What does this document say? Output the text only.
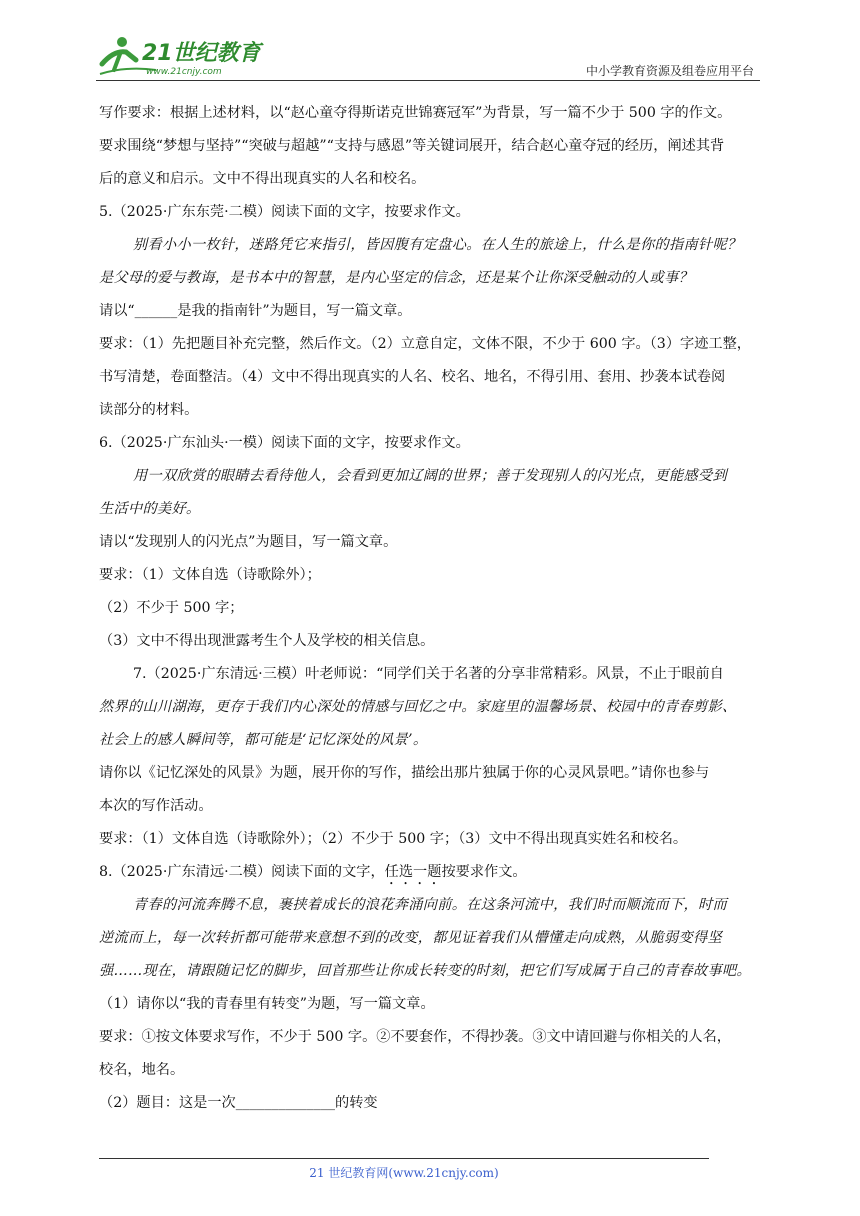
21世纪教育
www.21cnjy.com	中小学教育资源及组卷应用平台

写作要求：根据上述材料，以“赵心童夺得斯诺克世锦赛冠军”为背景，写一篇不少于 500 字的作文。

要求围绕“梦想与坚持”“突破与超越”“支持与感恩”等关键词展开，结合赵心童夺冠的经历，阐述其背

后的意义和启示。文中不得出现真实的人名和校名。

5.（2025·广东东莞·二模）阅读下面的文字，按要求作文。

别看小小一枚针，迷路凭它来指引，皆因腹有定盘心。在人生的旅途上，什么是你的指南针呢？

是父母的爱与教诲，是书本中的智慧，是内心坚定的信念，还是某个让你深受触动的人或事？

请以“______是我的指南针”为题目，写一篇文章。

要求：（1）先把题目补充完整，然后作文。（2）立意自定，文体不限，不少于 600 字。（3）字迹工整，

书写清楚，卷面整洁。（4）文中不得出现真实的人名、校名、地名，不得引用、套用、抄袭本试卷阅

读部分的材料。

6.（2025·广东汕头·一模）阅读下面的文字，按要求作文。

用一双欣赏的眼睛去看待他人，会看到更加辽阔的世界；善于发现别人的闪光点，更能感受到

生活中的美好。

请以“发现别人的闪光点”为题目，写一篇文章。

要求：（1）文体自选（诗歌除外）；

（2）不少于 500 字；

（3）文中不得出现泄露考生个人及学校的相关信息。

7.（2025·广东清远·三模）叶老师说：“同学们关于名著的分享非常精彩。风景，不止于眼前自

然界的山川湖海，更存于我们内心深处的情感与回忆之中。家庭里的温馨场景、校园中的青春剪影、

社会上的感人瞬间等，都可能是‘记忆深处的风景’。

请你以《记忆深处的风景》为题，展开你的写作，描绘出那片独属于你的心灵风景吧。”请你也参与

本次的写作活动。

要求：（1）文体自选（诗歌除外）；（2）不少于 500 字；（3）文中不得出现真实姓名和校名。

8.（2025·广东清远·二模）阅读下面的文字，任选一题按要求作文。

青春的河流奔腾不息，裹挟着成长的浪花奔涌向前。在这条河流中，我们时而顺流而下，时而

逆流而上，每一次转折都可能带来意想不到的改变，都见证着我们从懵懂走向成熟，从脆弱变得坚

强……现在，请跟随记忆的脚步，回首那些让你成长转变的时刻，把它们写成属于自己的青春故事吧。

（1）请你以“我的青春里有转变”为题，写一篇文章。

要求：①按文体要求写作，不少于 500 字。②不要套作，不得抄袭。③文中请回避与你相关的人名，

校名，地名。

（2）题目：这是一次______________的转变

21 世纪教育网(www.21cnjy.com)
